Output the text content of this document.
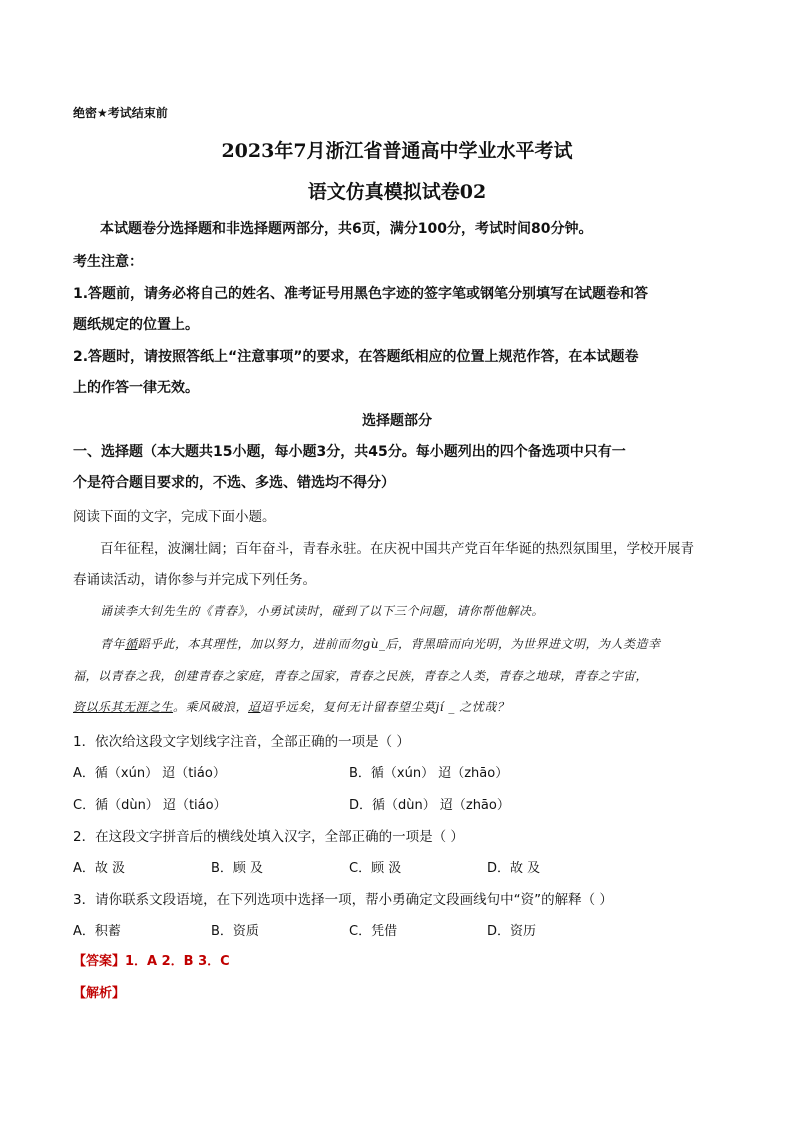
绝密★考试结束前
2023年7月浙江省普通高中学业水平考试
语文仿真模拟试卷02
本试题卷分选择题和非选择题两部分，共6页，满分100分，考试时间80分钟。
考生注意：
1.答题前，请务必将自己的姓名、准考证号用黑色字迹的签字笔或钢笔分别填写在试题卷和答
题纸规定的位置上。
2.答题时，请按照答纸上“注意事项”的要求，在答题纸相应的位置上规范作答，在本试题卷
上的作答一律无效。
选择题部分
一、选择题（本大题共15小题，每小题3分，共45分。每小题列出的四个备选项中只有一
个是符合题目要求的，不选、多选、错选均不得分）
阅读下面的文字，完成下面小题。
百年征程，波澜壮阔；百年奋斗，青春永驻。在庆祝中国共产党百年华诞的热烈氛围里，学校开展青
春诵读活动，请你参与并完成下列任务。
诵读李大钊先生的《青春》，小勇试读时，碰到了以下三个问题，请你帮他解决。
青年循蹈乎此，本其理性，加以努力，进前而勿gù_后，背黑暗而向光明，为世界进文明，为人类造幸
福，以青春之我，创建青春之家庭，青春之国家，青春之民族，青春之人类，青春之地球，青春之宇宙，
资以乐其无涯之生。乘风破浪，迢迢乎远矣，复何无计留春望尘莫jí _ 之忧哉？
1．依次给这段文字划线字注音，全部正确的一项是（ ）
A．循（xún） 迢（tiáo）	B．循（xún） 迢（zhāo）
C．循（dùn） 迢（tiáo）	D．循（dùn） 迢（zhāo）
2．在这段文字拼音后的横线处填入汉字，全部正确的一项是（ ）
A．故 汲	B．顾 及	C．顾 汲	D．故 及
3．请你联系文段语境，在下列选项中选择一项，帮小勇确定文段画线句中“资”的解释（ ）
A．积蓄	B．资质	C．凭借	D．资历
【答案】1．A 2．B 3．C
【解析】
